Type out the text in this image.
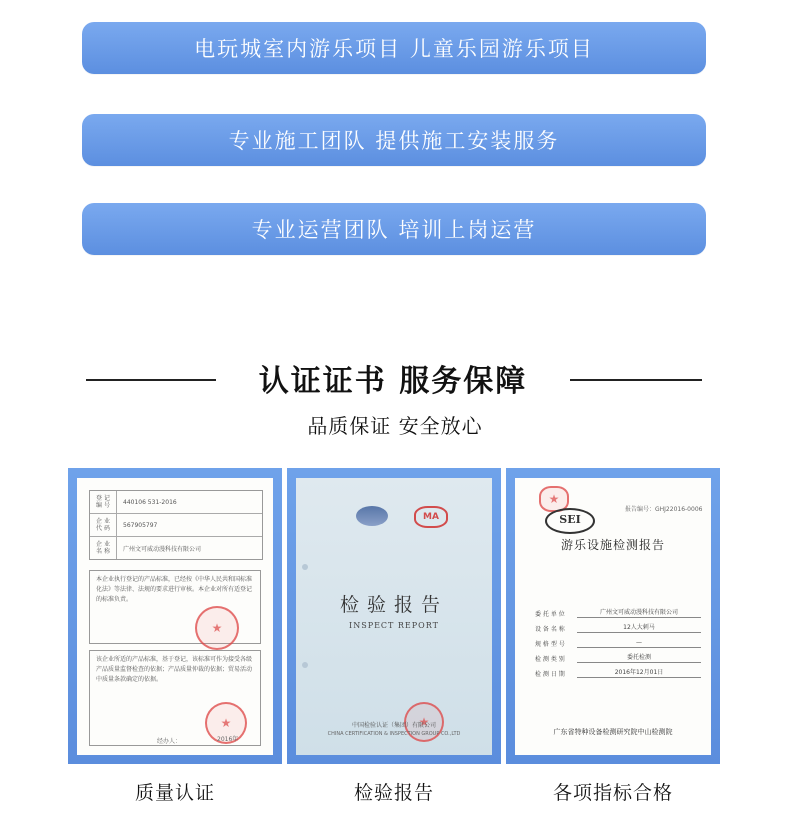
电玩城室内游乐项目 儿童乐园游乐项目
专业施工团队 提供施工安装服务
专业运营团队 培训上岗运营
认证证书 服务保障
品质保证 安全放心
登 记
编 号	440106 531-2016
企 业
代 码	567905797
企 业
名 称	广州文可威动漫科技有限公司
本企业执行登记的产品标准，已经按《中华人民共和国标准化法》等法律、法规的要求进行审核。本企业对所有适登记的标准负责。
★
该企业所适的产品标准，基于登记，该标准可作为接受各级产品质量监督检查的依据；产品质量仲裁的依据；贸易活动中质量条款确定的依据。
★
经办人：	2016年
质量认证
MA
检验报告
INSPECT REPORT
★
中国检验认证（集团）有限公司
CHINA CERTIFICATION & INSPECTION GROUP CO.,LTD
检验报告
★
报告编号：GHJ22016-0006
SEI
游乐设施检测报告
委 托 单 位	广州文可威动漫科技有限公司
设 备 名 称	12人大刺马
规 格 型 号	—
检 测 类 别	委托检测
检 测 日 期	2016年12月01日
广东省特种设备检测研究院中山检测院
各项指标合格
